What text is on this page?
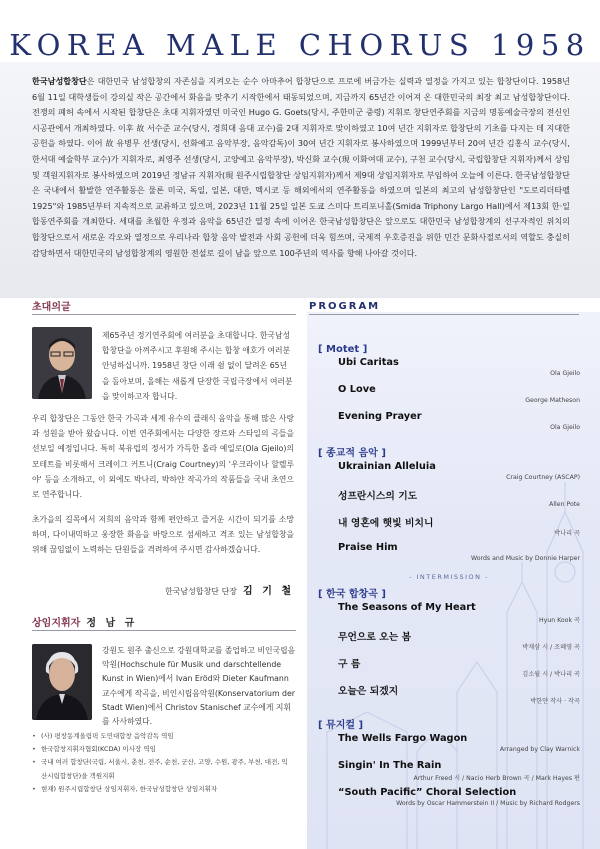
KOREA MALE CHORUS 1958
한국남성합창단은 대한민국 남성합창의 자존심을 지켜오는 순수 아마추어 합창단으로 프로에 버금가는 실력과 열정을 가지고 있는 합창단이다. 1958년 6월 11일 대학생들이 강의실 작은 공간에서 화음을 맞추기 시작한에서 태동되었으며, 지금까지 65년간 이어져 온 대한민국의 최장 최고 남성합창단이다. 전쟁의 폐허 속에서 시작된 합창단은 초대 지휘자였던 미국인 Hugo G. Goets(당시, 주한미군 중령) 지휘로 창단연주회를 지금의 명동예술극장의 전신인 시공관에서 개최하였다. 이후 故 서수준 교수(당시, 경희대 음대 교수)를 2대 지휘자로 맞이하였고 10여 년간 지휘자로 합창단의 기초를 다지는 데 지대한 공헌을 하였다. 이어 故 유병무 선생(당시, 선화예고 음악부장, 음악감독)이 30여 년간 지휘자로 봉사하였으며 1999년부터 20여 년간 김홍식 교수(당시, 한서대 예술학부 교수)가 지휘자로, 최영주 선생(당시, 고양예고 음악부장), 박신화 교수(現 이화여대 교수), 구천 교수(당시, 국립합창단 지휘자)께서 상임 및 객원지휘자로 봉사하였으며 2019년 정남규 지휘자(現 원주시립합창단 상임지휘자)께서 제9대 상임지휘자로 부임하여 오늘에 이른다. 한국남성합창단은 국내에서 활발한 연주활동은 물론 미국, 독일, 일본, 대만, 멕시코 등 해외에서의 연주활동을 하였으며 일본의 최고의 남성합창단인 "도로리더타펠 1925"와 1985년부터 지속적으로 교류하고 있으며, 2023년 11월 25일 일본 도쿄 스미다 트리포니홀(Smida Triphony Largo Hall)에서 제13회 한·일합동연주회를 개최한다. 세대를 초월한 우정과 음악을 65년간 열정 속에 이어온 한국남성합창단은 앞으로도 대한민국 남성합창계의 선구자적인 위치의 합창단으로서 새로운 각오와 열정으로 우리나라 합창 음악 발전과 사회 공헌에 더욱 힘쓰며, 국제적 우호증진을 위한 민간 문화사절로서의 역할도 충실히 감당하면서 대한민국의 남성합창계의 영원한 전설로 길이 남을 앞으로 100주년의 역사를 향해 나아갈 것이다.
초대의글
제65주년 정기연주회에 여러분을 초대합니다. 한국남성합창단을 아껴주시고 후원해 주시는 합창 애호가 여러분 안녕하십니까. 1958년 창단 이래 쉼 없이 달려온 65년을 돌아보며, 올해는 새롭게 단장한 국립극장에서 여러분을 맞이하고자 합니다.
우리 합창단은 그동안 한국 가곡과 세계 유수의 클래식 음악을 통해 많은 사랑과 성원을 받아 왔습니다. 이번 연주회에서는 다양한 장르와 스타일의 곡들을 선보일 예정입니다. 특히 북유럽의 정서가 가득한 올라 예일로(Ola Gjeilo)의 모테트를 비롯해서 크레이그 커트니(Craig Courtney)의 '우크라이나 할렐루야' 등을 소개하고, 이 외에도 박나리, 박하얀 작곡가의 작품들을 국내 초연으로 연주합니다.
초가을의 길목에서 저희의 음악과 함께 편안하고 즐거운 시간이 되기를 소망하며, 다이내믹하고 웅장한 화음을 바탕으로 섬세하고 격조 있는 남성합창을 위해 끊임없이 노력하는 단원들을 격려하여 주시면 감사하겠습니다.
한국남성합창단 단장 김 기 철
상임지휘자 정 남 규
강원도 원주 출신으로 강원대학교를 졸업하고 비인국립음악원(Hochschule für Musik und darschtellende Kunst in Wien)에서 Ivan Eröd와 Dieter Kaufmann교수에게 작곡을, 비인시립음악원(Konservatorium der Stadt Wien)에서 Christov Stanischef 교수에게 지휘를 사사하였다.
• (사) 평창동계올림픽 도민대합창 음악감독 역임
• 한국합창지휘자협회(KCDA) 이사장 역임
• 국내 여러 합창단(국립, 서울시, 춘천, 전주, 순천, 군산, 고양, 수원, 광주, 부천, 대전, 익산시립합창단)을 객원지휘
• 현재) 원주시립합창단 상임지휘자, 한국남성합창단 상임지휘자
PROGRAM
[ Motet ]
Ubi Caritas
Ola Gjeilo
O Love
George Matheson
Evening Prayer
Ola Gjeilo
[ 종교적 음악 ]
Ukrainian Alleluia
Craig Courtney (ASCAP)
성프란시스의 기도
Allen Pote
내 영혼에 햇빛 비치니
박나리 곡
Praise Him
Words and Music by Donnie Harper
- INTERMISSION -
[ 한국 합창곡 ]
The Seasons of My Heart
Hyun Kook 곡
무언으로 오는 봄
박재삼 시 / 조혜영 곡
구 름
김소월 시 / 박나리 곡
오늘은 되겠지
박한얀 작사 · 작곡
[ 뮤지컬 ]
The Wells Fargo Wagon
Arranged by Clay Warnick
Singin' In The Rain
Arthur Freed 시 / Nacio Herb Brown 곡 / Mark Hayes 편
“South Pacific” Choral Selection
Words by Oscar Hammerstein II / Music by Richard Rodgers
